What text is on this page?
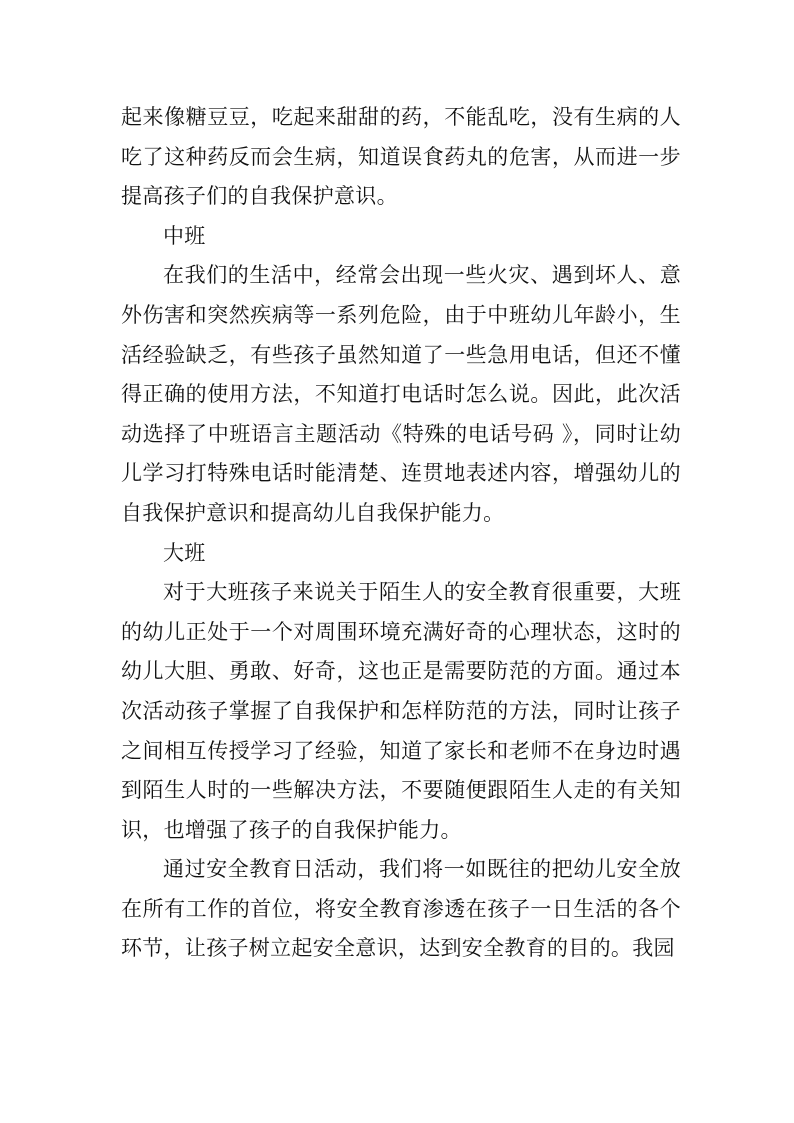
起来像糖豆豆，吃起来甜甜的药，不能乱吃，没有生病的人吃了这种药反而会生病，知道误食药丸的危害，从而进一步提高孩子们的自我保护意识。

中班

在我们的生活中，经常会出现一些火灾、遇到坏人、意外伤害和突然疾病等一系列危险，由于中班幼儿年龄小，生活经验缺乏，有些孩子虽然知道了一些急用电话，但还不懂得正确的使用方法，不知道打电话时怎么说。因此，此次活动选择了中班语言主题活动《特殊的电话号码 》，同时让幼儿学习打特殊电话时能清楚、连贯地表述内容，增强幼儿的自我保护意识和提高幼儿自我保护能力。

大班

对于大班孩子来说关于陌生人的安全教育很重要，大班的幼儿正处于一个对周围环境充满好奇的心理状态，这时的幼儿大胆、勇敢、好奇，这也正是需要防范的方面。通过本次活动孩子掌握了自我保护和怎样防范的方法，同时让孩子之间相互传授学习了经验，知道了家长和老师不在身边时遇到陌生人时的一些解决方法，不要随便跟陌生人走的有关知识，也增强了孩子的自我保护能力。

通过安全教育日活动，我们将一如既往的把幼儿安全放在所有工作的首位，将安全教育渗透在孩子一日生活的各个环节，让孩子树立起安全意识，达到安全教育的目的。我园
